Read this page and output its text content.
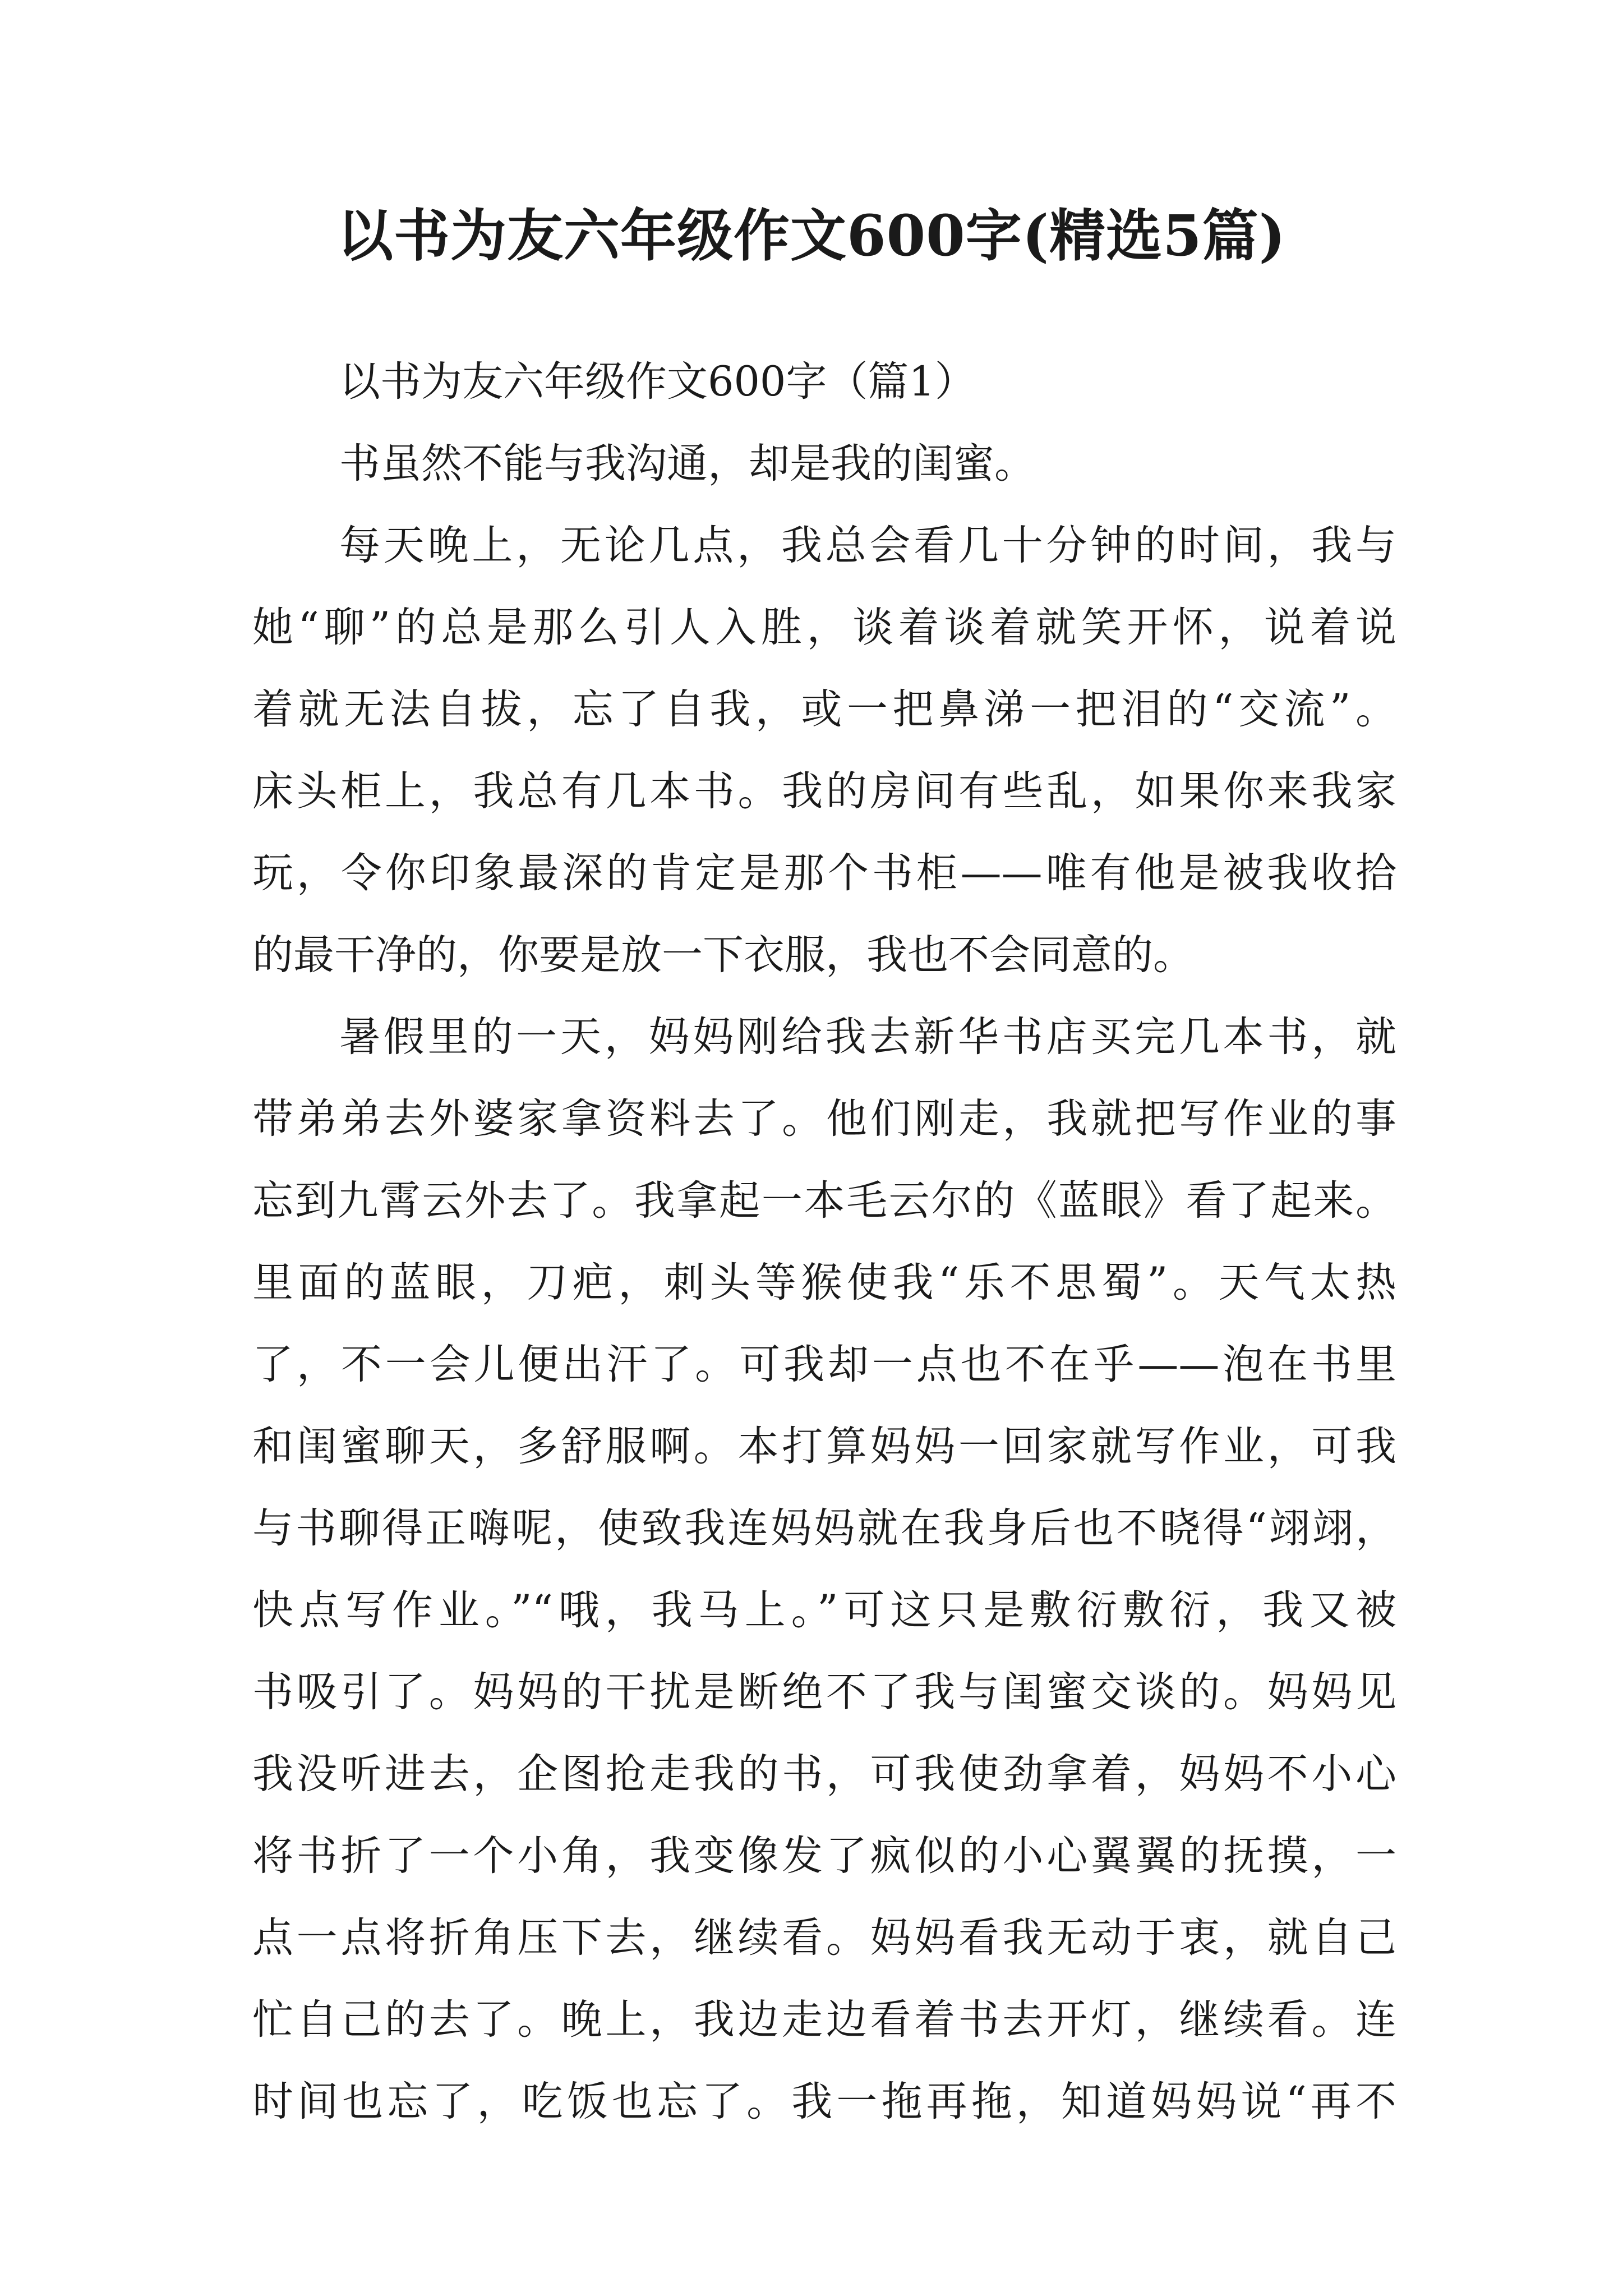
以书为友六年级作文600字(精选5篇)
以书为友六年级作文600字（篇1）
书虽然不能与我沟通，却是我的闺蜜。
每天晚上，无论几点，我总会看几十分钟的时间，我与
她“聊”的总是那么引人入胜，谈着谈着就笑开怀，说着说
着就无法自拔，忘了自我，或一把鼻涕一把泪的“交流”。
床头柜上，我总有几本书。我的房间有些乱，如果你来我家
玩，令你印象最深的肯定是那个书柜——唯有他是被我收拾
的最干净的，你要是放一下衣服，我也不会同意的。
暑假里的一天，妈妈刚给我去新华书店买完几本书，就
带弟弟去外婆家拿资料去了。他们刚走，我就把写作业的事
忘到九霄云外去了。我拿起一本毛云尔的《蓝眼》看了起来。
里面的蓝眼，刀疤，刺头等猴使我“乐不思蜀”。天气太热
了，不一会儿便出汗了。可我却一点也不在乎——泡在书里
和闺蜜聊天，多舒服啊。本打算妈妈一回家就写作业，可我
与书聊得正嗨呢，使致我连妈妈就在我身后也不晓得“翊翊，
快点写作业。”“哦，我马上。”可这只是敷衍敷衍，我又被
书吸引了。妈妈的干扰是断绝不了我与闺蜜交谈的。妈妈见
我没听进去，企图抢走我的书，可我使劲拿着，妈妈不小心
将书折了一个小角，我变像发了疯似的小心翼翼的抚摸，一
点一点将折角压下去，继续看。妈妈看我无动于衷，就自己
忙自己的去了。晚上，我边走边看着书去开灯，继续看。连
时间也忘了，吃饭也忘了。我一拖再拖，知道妈妈说“再不
